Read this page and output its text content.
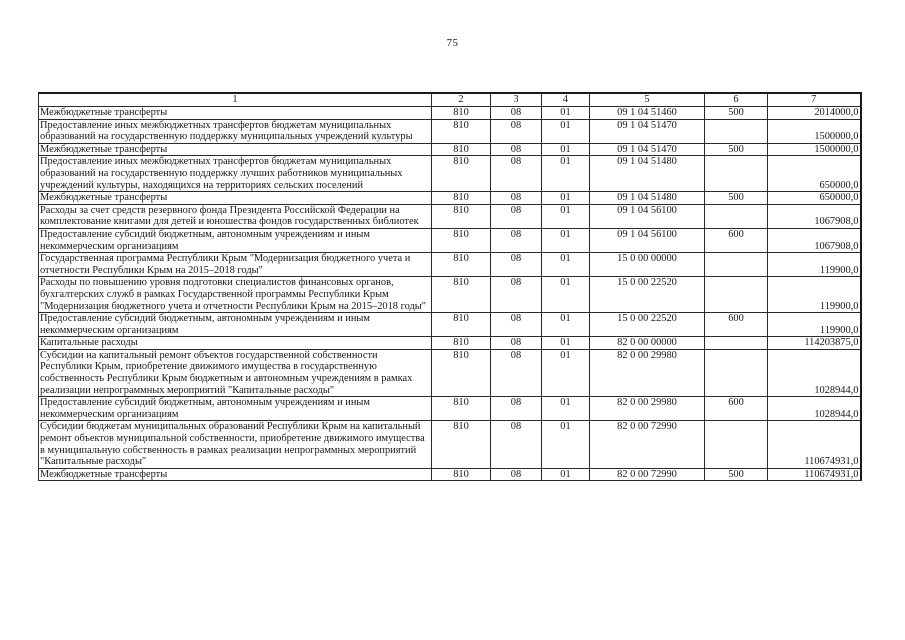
75
1	2	3	4	5	6	7
Межбюджетные трансферты	810	08	01	09 1 04 51460	500	2014000,0
Предоставление иных межбюджетных трансфертов бюджетам муниципальных образований на государственную поддержку муниципальных учреждений культуры	810	08	01	09 1 04 51470		1500000,0
Межбюджетные трансферты	810	08	01	09 1 04 51470	500	1500000,0
Предоставление иных межбюджетных трансфертов бюджетам муниципальных образований на государственную поддержку лучших работников муниципальных учреждений культуры, находящихся на территориях сельских поселений	810	08	01	09 1 04 51480		650000,0
Межбюджетные трансферты	810	08	01	09 1 04 51480	500	650000,0
Расходы за счет средств резервного фонда Президента Российской Федерации на комплектование книгами для детей и юношества фондов государственных библиотек	810	08	01	09 1 04 56100		1067908,0
Предоставление субсидий бюджетным, автономным учреждениям и иным некоммерческим организациям	810	08	01	09 1 04 56100	600	1067908,0
Государственная программа Республики Крым "Модернизация бюджетного учета и отчетности Республики Крым на 2015–2018 годы"	810	08	01	15 0 00 00000		119900,0
Расходы по повышению уровня подготовки специалистов финансовых органов, бухгалтерских служб в рамках Государственной программы Республики Крым "Модернизация бюджетного учета и отчетности Республики Крым на 2015–2018 годы"	810	08	01	15 0 00 22520		119900,0
Предоставление субсидий бюджетным, автономным учреждениям и иным некоммерческим организациям	810	08	01	15 0 00 22520	600	119900,0
Капитальные расходы	810	08	01	82 0 00 00000		114203875,0
Субсидии на капитальный ремонт объектов государственной собственности Республики Крым, приобретение движимого имущества в государственную собственность Республики Крым бюджетным и автономным учреждениям в рамках реализации непрограммных мероприятий "Капитальные расходы"	810	08	01	82 0 00 29980		1028944,0
Предоставление субсидий бюджетным, автономным учреждениям и иным некоммерческим организациям	810	08	01	82 0 00 29980	600	1028944,0
Субсидии бюджетам муниципальных образований Республики Крым на капитальный ремонт объектов муниципальной собственности, приобретение движимого имущества в муниципальную собственность в рамках реализации непрограммных мероприятий "Капитальные расходы"	810	08	01	82 0 00 72990		110674931,0
Межбюджетные трансферты	810	08	01	82 0 00 72990	500	110674931,0
